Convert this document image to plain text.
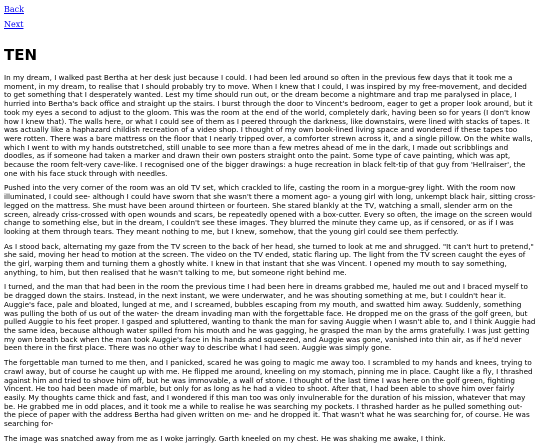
Back
Next
TEN

In my dream, I walked past Bertha at her desk just because I could. I had been led around so often in the previous few days that it took me a moment, in my dream, to realise that I should probably try to move. When I knew that I could, I was inspired by my free-movement, and decided to get something that I desperately wanted. Lest my time should run out, or the dream become a nightmare and trap me paralysed in place, I hurried into Bertha's back office and straight up the stairs. I burst through the door to Vincent's bedroom, eager to get a proper look around, but it took my eyes a second to adjust to the gloom. This was the room at the end of the world, completely dark, having been so for years (I don't know how I knew that). The walls here, or what I could see of them as I peered through the darkness, like downstairs, were lined with stacks of tapes. It was actually like a haphazard childish recreation of a video shop. I thought of my own book-lined living space and wondered if these tapes too were rotten. There was a bare mattress on the floor that I nearly tripped over, a comforter strewn across it, and a single pillow. On the white walls, which I went to with my hands outstretched, still unable to see more than a few metres ahead of me in the dark, I made out scribblings and doodles, as if someone had taken a marker and drawn their own posters straight onto the paint. Some type of cave painting, which was apt, because the room felt-very cave-like. I recognised one of the bigger drawings: a huge recreation in black felt-tip of that guy from 'Hellraiser', the one with his face stuck through with needles.

Pushed into the very corner of the room was an old TV set, which crackled to life, casting the room in a morgue-grey light. With the room now illuminated, I could see- although I could have sworn that she wasn't there a moment ago- a young girl with long, unkempt black hair, sitting cross-legged on the mattress. She must have been around thirteen or fourteen. She stared blankly at the TV, watching a small, slender arm on the screen, already criss-crossed with open wounds and scars, be repeatedly opened with a box-cutter. Every so often, the image on the screen would change to something else, but in the dream, I couldn't see these images. They blurred the minute they came up, as if censored, or as if I was looking at them through tears. They meant nothing to me, but I knew, somehow, that the young girl could see them perfectly.

As I stood back, alternating my gaze from the TV screen to the back of her head, she turned to look at me and shrugged. "It can't hurt to pretend," she said, moving her head to motion at the screen. The video on the TV ended, static flaring up. The light from the TV screen caught the eyes of the girl, warping them and turning them a ghostly white. I knew in that instant that she was Vincent. I opened my mouth to say something, anything, to him, but then realised that he wasn't talking to me, but someone right behind me.

I turned, and the man that had been in the room the previous time I had been here in dreams grabbed me, hauled me out and I braced myself to be dragged down the stairs. Instead, in the next instant, we were underwater, and he was shouting something at me, but I couldn't hear it. Auggie's face, pale and bloated, lunged at me, and I screamed, bubbles escaping from my mouth, and swatted him away. Suddenly, something was pulling the both of us out of the water- the dream invading man with the forgettable face. He dropped me on the grass of the golf green, but pulled Auggie to his feet proper. I gasped and spluttered, wanting to thank the man for saving Auggie when I wasn't able to, and I think Auggie had the same idea, because although water spilled from his mouth and he was gagging, he grasped the man by the arms gratefully. I was just getting my own breath back when the man took Auggie's face in his hands and squeezed, and Auggie was gone, vanished into thin air, as if he'd never been there in the first place. There was no other way to describe what I had seen. Auggie was simply gone.

The forgettable man turned to me then, and I panicked, scared he was going to magic me away too. I scrambled to my hands and knees, trying to crawl away, but of course he caught up with me. He flipped me around, kneeling on my stomach, pinning me in place. Caught like a fly, I thrashed against him and tried to shove him off, but he was immovable, a wall of stone. I thought of the last time I was here on the golf green, fighting Vincent. He too had been made of marble, but only for as long as he had a video to shoot. After that, I had been able to shove him over fairly easily. My thoughts came thick and fast, and I wondered if this man too was only invulnerable for the duration of his mission, whatever that may be. He grabbed me in odd places, and it took me a while to realise he was searching my pockets. I thrashed harder as he pulled something out- the piece of paper with the address Bertha had given written on me- and he dropped it. That wasn't what he was searching for, of course. He was searching for-

The image was snatched away from me as I woke jarringly. Garth kneeled on my chest. He was shaking me awake, I think.
